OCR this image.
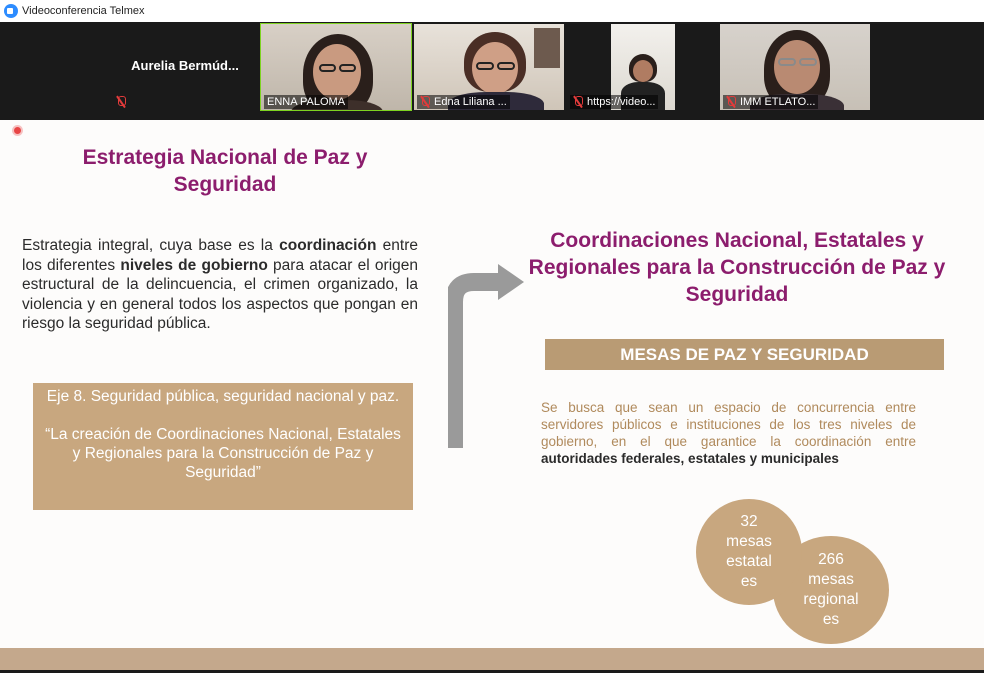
Videoconferencia Telmex
Aurelia Bermúd...
ENNA PALOMA	Edna Liliana ...	https://video...	IMM ETLATO...
Estrategia Nacional de Paz y Seguridad
Estrategia integral, cuya base es la coordinación entre los diferentes niveles de gobierno para atacar el origen estructural de la delincuencia, el crimen organizado, la violencia y en general todos los aspectos que pongan en riesgo la seguridad pública.

Eje 8. Seguridad pública, seguridad nacional y paz.

“La creación de Coordinaciones Nacional, Estatales y Regionales para la Construcción de Paz y Seguridad”

Coordinaciones Nacional, Estatales y Regionales para la Construcción de Paz y Seguridad
MESAS DE PAZ Y SEGURIDAD
Se busca que sean un espacio de concurrencia entre servidores públicos e instituciones de los tres niveles de gobierno, en el que garantice la coordinación entre autoridades federales, estatales y municipales
32
mesas
estatal
es
266
mesas
regional
es
